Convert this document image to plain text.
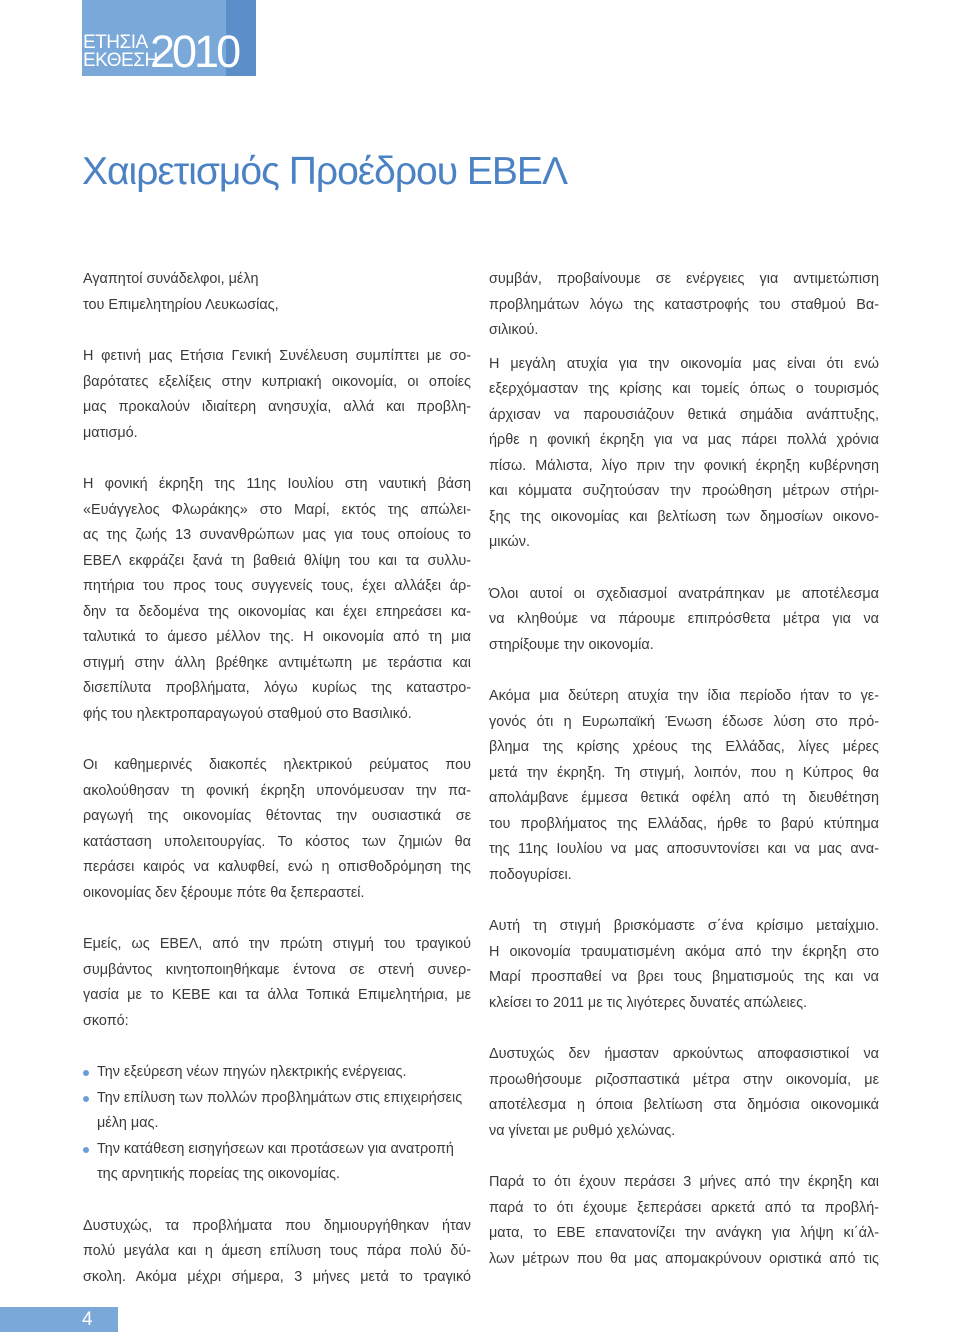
ΕΤΗΣΙΑ
ΕΚΘΕΣΗ
2010
Χαιρετισμός Προέδρου ΕΒΕΛ

Αγαπητοί συνάδελφοι, μέλη
του Επιμελητηρίου Λευκωσίας,

Η φετινή μας Ετήσια Γενική Συνέλευση συμπίπτει με σο-
βαρότατες εξελίξεις στην κυπριακή οικονομία, οι οποίες
μας προκαλούν ιδιαίτερη ανησυχία, αλλά και προβλη-
ματισμό.

Η φονική έκρηξη της 11ης Ιουλίου στη ναυτική βάση
«Ευάγγελος Φλωράκης» στο Μαρί, εκτός της απώλει-
ας της ζωής 13 συνανθρώπων μας για τους οποίους το
ΕΒΕΛ εκφράζει ξανά τη βαθειά θλίψη του και τα συλλυ-
πητήρια του προς τους συγγενείς τους, έχει αλλάξει άρ-
δην τα δεδομένα της οικονομίας και έχει επηρεάσει κα-
ταλυτικά το άμεσο μέλλον της. Η οικονομία από τη μια
στιγμή στην άλλη βρέθηκε αντιμέτωπη με τεράστια και
δισεπίλυτα προβλήματα, λόγω κυρίως της καταστρο-
φής του ηλεκτροπαραγωγού σταθμού στο Βασιλικό.

Οι καθημερινές διακοπές ηλεκτρικού ρεύματος που
ακολούθησαν τη φονική έκρηξη υπονόμευσαν την πα-
ραγωγή της οικονομίας θέτοντας την ουσιαστικά σε
κατάσταση υπολειτουργίας. Το κόστος των ζημιών θα
περάσει καιρός να καλυφθεί, ενώ η οπισθοδρόμηση της
οικονομίας δεν ξέρουμε πότε θα ξεπεραστεί.

Εμείς, ως ΕΒΕΛ, από την πρώτη στιγμή του τραγικού
συμβάντος κινητοποιηθήκαμε έντονα σε στενή συνερ-
γασία με το ΚΕΒΕ και τα άλλα Τοπικά Επιμελητήρια, με
σκοπό:

Την εξεύρεση νέων πηγών ηλεκτρικής ενέργειας.
Την επίλυση των πολλών προβλημάτων στις επιχειρήσεις
μέλη μας.
Την κατάθεση εισηγήσεων και προτάσεων για ανατροπή
της αρνητικής πορείας της οικονομίας.

Δυστυχώς, τα προβλήματα που δημιουργήθηκαν ήταν
πολύ μεγάλα και η άμεση επίλυση τους πάρα πολύ δύ-
σκολη. Ακόμα μέχρι σήμερα, 3 μήνες μετά το τραγικό

συμβάν, προβαίνουμε σε ενέργειες για αντιμετώπιση
προβλημάτων λόγω της καταστροφής του σταθμού Βα-
σιλικού.

Η μεγάλη ατυχία για την οικονομία μας είναι ότι ενώ
εξερχόμασταν της κρίσης και τομείς όπως ο τουρισμός
άρχισαν να παρουσιάζουν θετικά σημάδια ανάπτυξης,
ήρθε η φονική έκρηξη για να μας πάρει πολλά χρόνια
πίσω. Μάλιστα, λίγο πριν την φονική έκρηξη κυβέρνηση
και κόμματα συζητούσαν την προώθηση μέτρων στήρι-
ξης της οικονομίας και βελτίωση των δημοσίων οικονο-
μικών.

Όλοι αυτοί οι σχεδιασμοί ανατράπηκαν με αποτέλεσμα
να κληθούμε να πάρουμε επιπρόσθετα μέτρα για να
στηρίξουμε την οικονομία.

Ακόμα μια δεύτερη ατυχία την ίδια περίοδο ήταν το γε-
γονός ότι η Ευρωπαϊκή Ένωση έδωσε λύση στο πρό-
βλημα της κρίσης χρέους της Ελλάδας, λίγες μέρες
μετά την έκρηξη. Τη στιγμή, λοιπόν, που η Κύπρος θα
απολάμβανε έμμεσα θετικά οφέλη από τη διευθέτηση
του προβλήματος της Ελλάδας, ήρθε το βαρύ κτύπημα
της 11ης Ιουλίου να μας αποσυντονίσει και να μας ανα-
ποδογυρίσει.

Αυτή τη στιγμή βρισκόμαστε σ΄ένα κρίσιμο μεταίχμιο.
Η οικονομία τραυματισμένη ακόμα από την έκρηξη στο
Μαρί προσπαθεί να βρει τους βηματισμούς της και να
κλείσει το 2011 με τις λιγότερες δυνατές απώλειες.

Δυστυχώς δεν ήμασταν αρκούντως αποφασιστικοί να
προωθήσουμε ριζοσπαστικά μέτρα στην οικονομία, με
αποτέλεσμα η όποια βελτίωση στα δημόσια οικονομικά
να γίνεται με ρυθμό χελώνας.

Παρά το ότι έχουν περάσει 3 μήνες από την έκρηξη και
παρά το ότι έχουμε ξεπεράσει αρκετά από τα προβλή-
ματα, το ΕΒΕ επανατονίζει την ανάγκη για λήψη κι΄άλ-
λων μέτρων που θα μας απομακρύνουν οριστικά από τις

4
